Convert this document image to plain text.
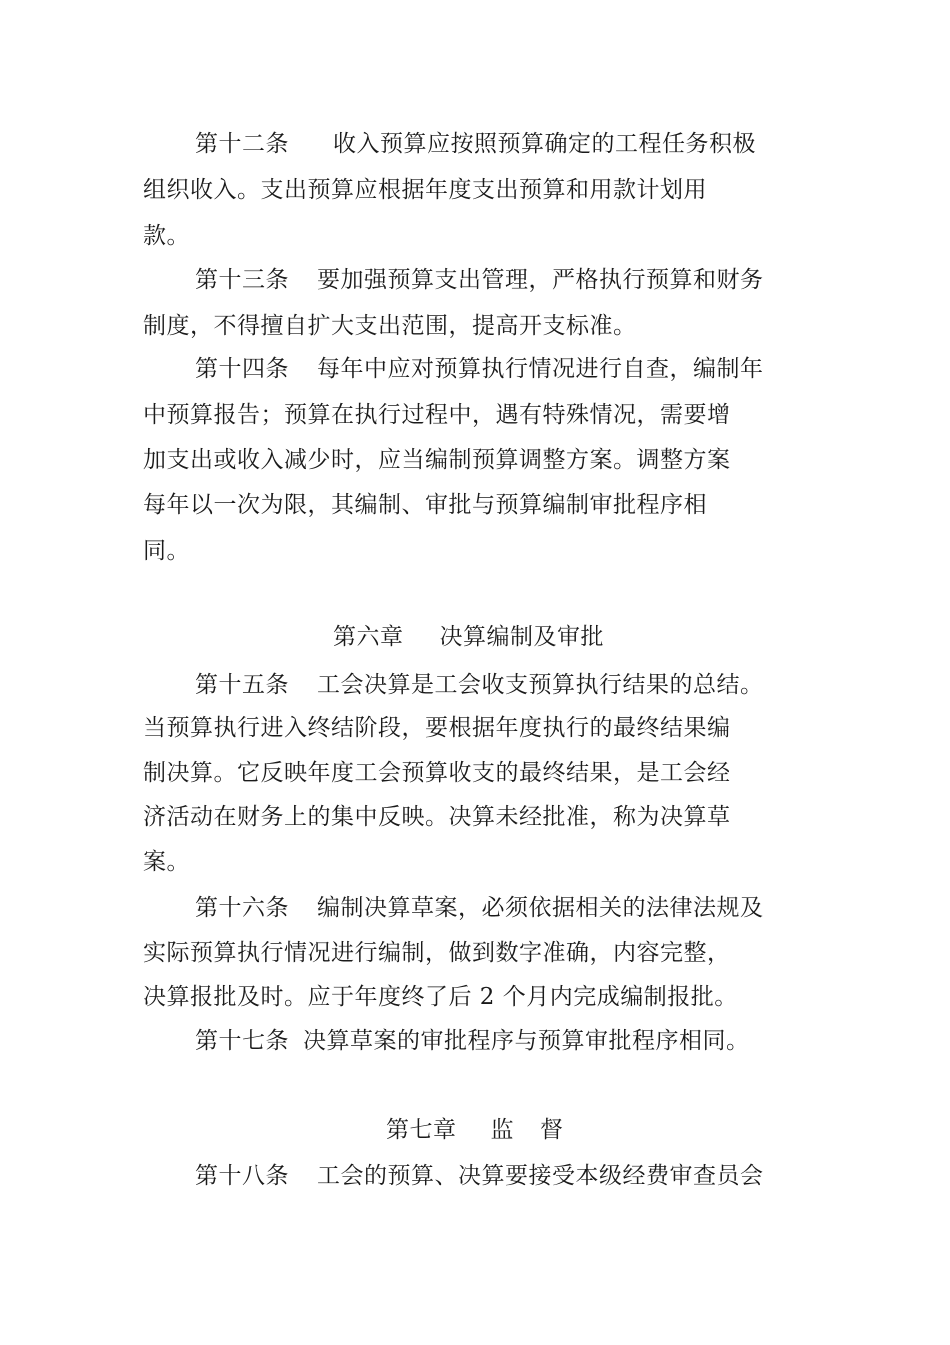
第十二条 收入预算应按照预算确定的工程任务积极
组织收入。支出预算应根据年度支出预算和用款计划用
款。
第十三条 要加强预算支出管理，严格执行预算和财务
制度，不得擅自扩大支出范围，提高开支标准。
第十四条 每年中应对预算执行情况进行自查，编制年
中预算报告；预算在执行过程中，遇有特殊情况，需要增
加支出或收入减少时，应当编制预算调整方案。调整方案
每年以一次为限，其编制、审批与预算编制审批程序相
同。
第六章 决算编制及审批
第十五条 工会决算是工会收支预算执行结果的总结。
当预算执行进入终结阶段，要根据年度执行的最终结果编
制决算。它反映年度工会预算收支的最终结果，是工会经
济活动在财务上的集中反映。决算未经批准，称为决算草
案。
第十六条 编制决算草案，必须依据相关的法律法规及
实际预算执行情况进行编制，做到数字准确，内容完整，
决算报批及时。应于年度终了后 2 个月内完成编制报批。
第十七条 决算草案的审批程序与预算审批程序相同。
第七章 监 督
第十八条 工会的预算、决算要接受本级经费审查员会
